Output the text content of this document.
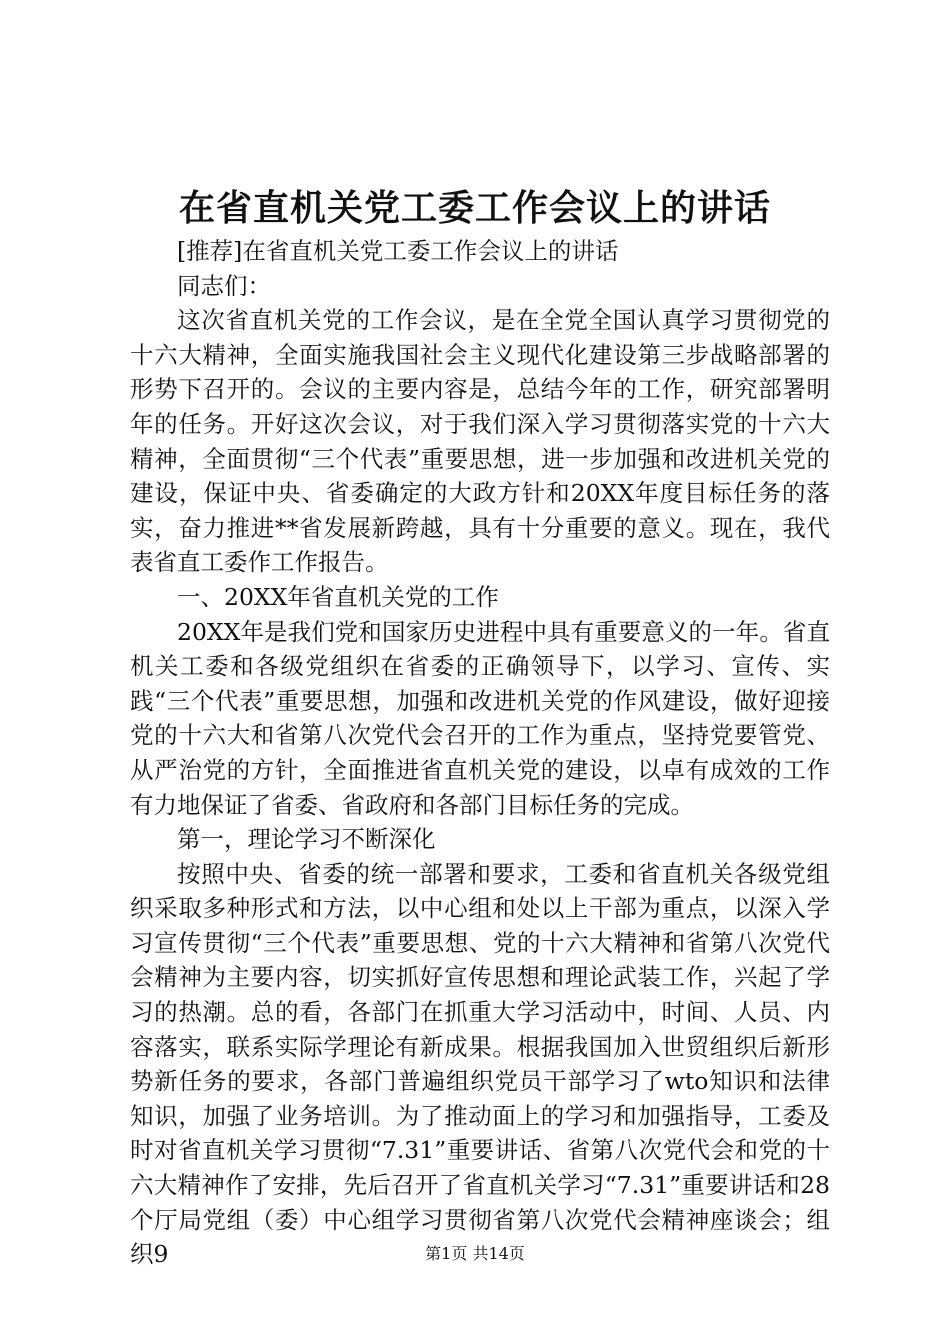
在省直机关党工委工作会议上的讲话

[推荐]在省直机关党工委工作会议上的讲话

同志们：

这次省直机关党的工作会议，是在全党全国认真学习贯彻党的十六大精神，全面实施我国社会主义现代化建设第三步战略部署的形势下召开的。会议的主要内容是，总结今年的工作，研究部署明年的任务。开好这次会议，对于我们深入学习贯彻落实党的十六大精神，全面贯彻“三个代表”重要思想，进一步加强和改进机关党的建设，保证中央、省委确定的大政方针和20XX年度目标任务的落实，奋力推进**省发展新跨越，具有十分重要的意义。现在，我代表省直工委作工作报告。

一、20XX年省直机关党的工作

20XX年是我们党和国家历史进程中具有重要意义的一年。省直机关工委和各级党组织在省委的正确领导下，以学习、宣传、实践“三个代表”重要思想，加强和改进机关党的作风建设，做好迎接党的十六大和省第八次党代会召开的工作为重点，坚持党要管党、从严治党的方针，全面推进省直机关党的建设，以卓有成效的工作有力地保证了省委、省政府和各部门目标任务的完成。

第一，理论学习不断深化

按照中央、省委的统一部署和要求，工委和省直机关各级党组织采取多种形式和方法，以中心组和处以上干部为重点，以深入学习宣传贯彻“三个代表”重要思想、党的十六大精神和省第八次党代会精神为主要内容，切实抓好宣传思想和理论武装工作，兴起了学习的热潮。总的看，各部门在抓重大学习活动中，时间、人员、内容落实，联系实际学理论有新成果。根据我国加入世贸组织后新形势新任务的要求，各部门普遍组织党员干部学习了wto知识和法律知识，加强了业务培训。为了推动面上的学习和加强指导，工委及时对省直机关学习贯彻“7.31”重要讲话、省第八次党代会和党的十六大精神作了安排，先后召开了省直机关学习“7.31”重要讲话和28个厅局党组（委）中心组学习贯彻省第八次党代会精神座谈会；组织9	第1页 共14页
